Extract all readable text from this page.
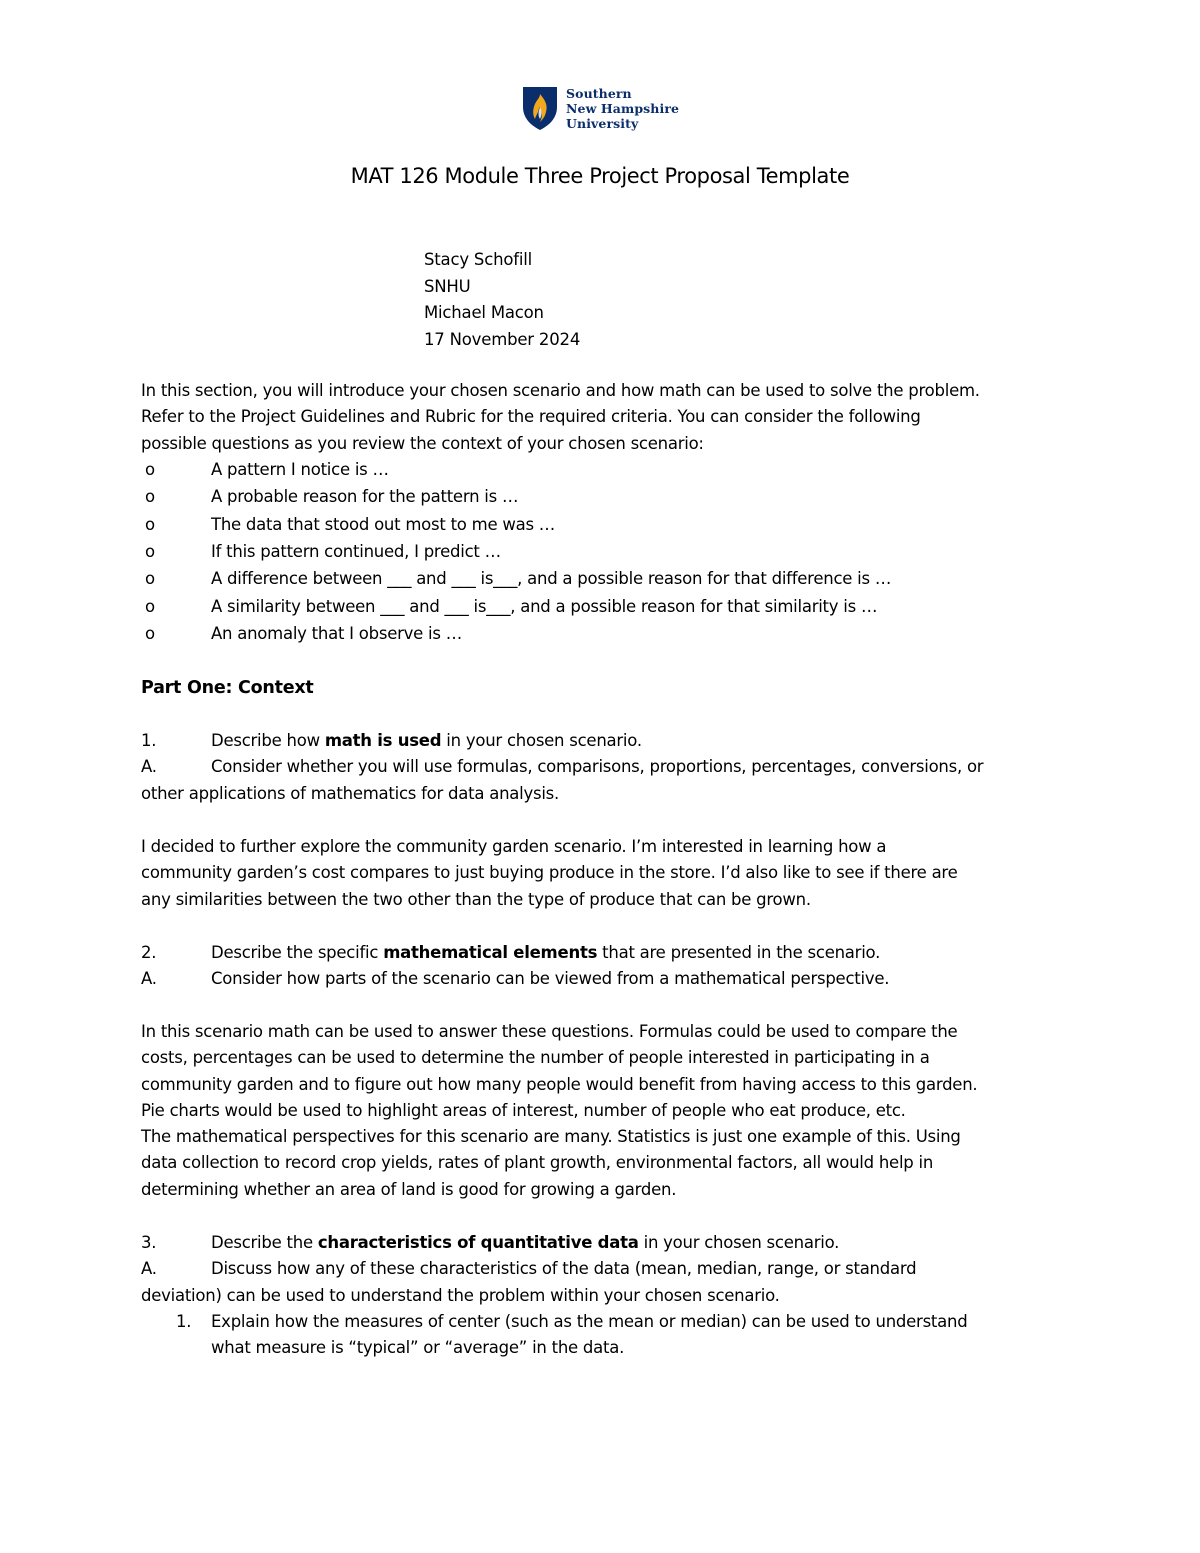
Southern
New Hampshire
University
MAT 126 Module Three Project Proposal Template
Stacy Schofill
SNHU
Michael Macon
17 November 2024
In this section, you will introduce your chosen scenario and how math can be used to solve the problem.
Refer to the Project Guidelines and Rubric for the required criteria. You can consider the following
possible questions as you review the context of your chosen scenario:
o	A pattern I notice is …
o	A probable reason for the pattern is …
o	The data that stood out most to me was …
o	If this pattern continued, I predict …
o	A difference between ___ and ___ is___, and a possible reason for that difference is …
o	A similarity between ___ and ___ is___, and a possible reason for that similarity is …
o	An anomaly that I observe is …
Part One: Context
1.	Describe how math is used in your chosen scenario.
A.	Consider whether you will use formulas, comparisons, proportions, percentages, conversions, or
other applications of mathematics for data analysis.
I decided to further explore the community garden scenario. I’m interested in learning how a
community garden’s cost compares to just buying produce in the store. I’d also like to see if there are
any similarities between the two other than the type of produce that can be grown.
2.	Describe the specific mathematical elements that are presented in the scenario.
A.	Consider how parts of the scenario can be viewed from a mathematical perspective.
In this scenario math can be used to answer these questions. Formulas could be used to compare the
costs, percentages can be used to determine the number of people interested in participating in a
community garden and to figure out how many people would benefit from having access to this garden.
Pie charts would be used to highlight areas of interest, number of people who eat produce, etc.
The mathematical perspectives for this scenario are many. Statistics is just one example of this. Using
data collection to record crop yields, rates of plant growth, environmental factors, all would help in
determining whether an area of land is good for growing a garden.
3.	Describe the characteristics of quantitative data in your chosen scenario.
A.	Discuss how any of these characteristics of the data (mean, median, range, or standard
deviation) can be used to understand the problem within your chosen scenario.
1. Explain how the measures of center (such as the mean or median) can be used to understand
what measure is “typical” or “average” in the data.
